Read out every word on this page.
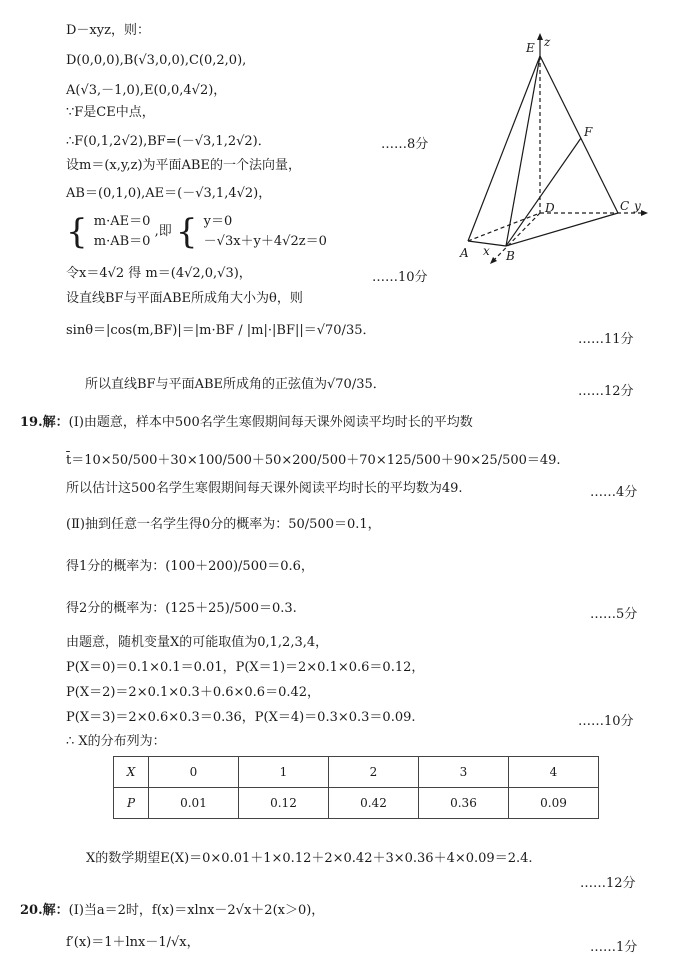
D－xyz，则：
D(0,0,0),B(√3,0,0),C(0,2,0),
A(√3,－1,0),E(0,0,4√2)，
∵F是CE中点，
∴F(0,1,2√2),BF=(－√3,1,2√2)．	……8分
设m＝(x,y,z)为平面ABE的一个法向量，
AB＝(0,1,0),AE＝(－√3,1,4√2)，
{ m·AE＝0
m·AB＝0
,即 { y＝0
－√3x＋y＋4√2z＝0
令x＝4√2 得 m＝(4√2,0,√3)，	……10分
设直线BF与平面ABE所成角大小为θ，则
sinθ＝|cos(m,BF)|＝|m·BF / |m|·|BF||＝√70/35．
……11分
所以直线BF与平面ABE所成角的正弦值为√70/35．	……12分
E z
F
D	C y
A x B
19.解：(Ⅰ)由题意，样本中500名学生寒假期间每天课外阅读平均时长的平均数
t̄＝10×50/500＋30×100/500＋50×200/500＋70×125/500＋90×25/500＝49.
所以估计这500名学生寒假期间每天课外阅读平均时长的平均数为49.	……4分
(Ⅱ)抽到任意一名学生得0分的概率为：50/500＝0.1，
得1分的概率为：(100＋200)/500＝0.6，
得2分的概率为：(125＋25)/500＝0.3.	……5分
由题意，随机变量X的可能取值为0,1,2,3,4，
P(X＝0)＝0.1×0.1＝0.01，P(X＝1)＝2×0.1×0.6＝0.12，
P(X＝2)＝2×0.1×0.3＋0.6×0.6＝0.42，
P(X＝3)＝2×0.6×0.3＝0.36，P(X＝4)＝0.3×0.3＝0.09.	……10分
∴ X的分布列为：
X	0	1	2	3	4
P	0.01	0.12	0.42	0.36	0.09
X的数学期望E(X)＝0×0.01＋1×0.12＋2×0.42＋3×0.36＋4×0.09＝2.4.
……12分
20.解：(Ⅰ)当a＝2时，f(x)＝xlnx－2√x＋2(x＞0)，
f′(x)＝1＋lnx－1/√x，	……1分
